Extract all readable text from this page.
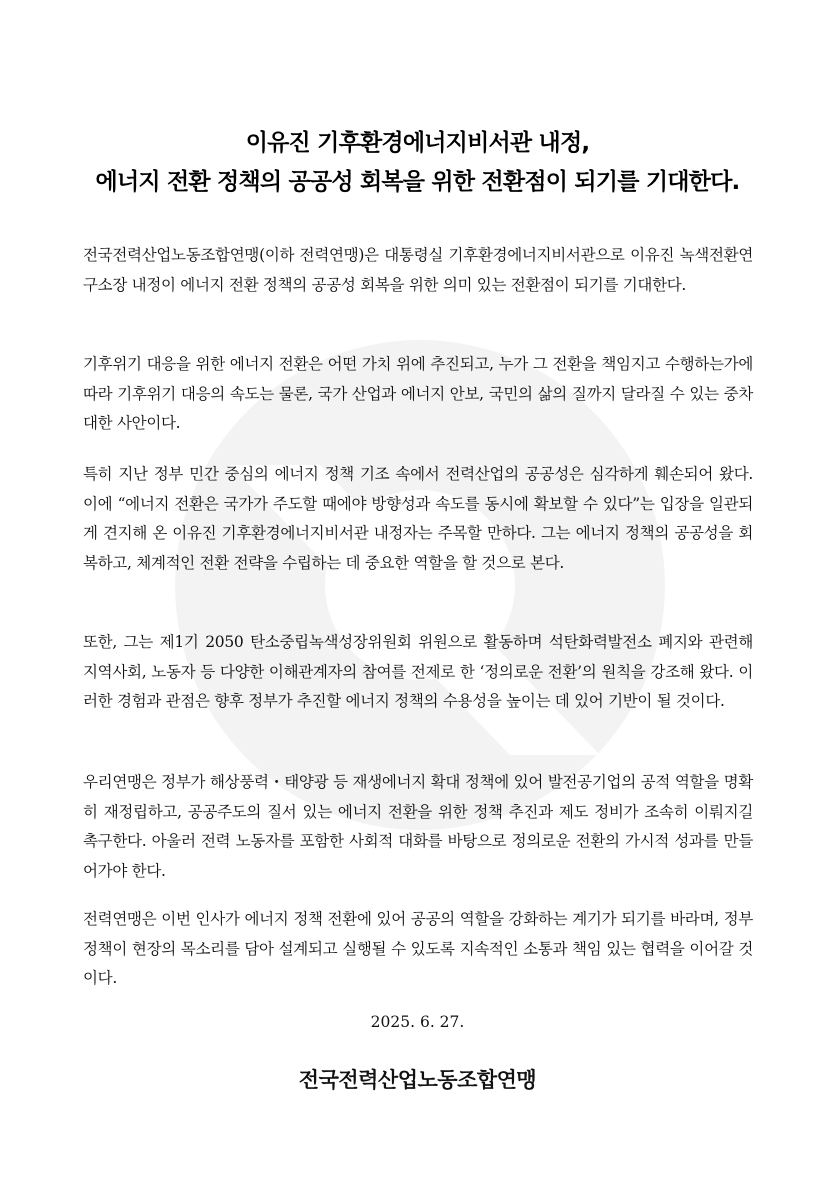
이유진 기후환경에너지비서관 내정,
에너지 전환 정책의 공공성 회복을 위한 전환점이 되기를 기대한다.

전국전력산업노동조합연맹(이하 전력연맹)은 대통령실 기후환경에너지비서관으로 이유진 녹색전환연구소장 내정이 에너지 전환 정책의 공공성 회복을 위한 의미 있는 전환점이 되기를 기대한다.

기후위기 대응을 위한 에너지 전환은 어떤 가치 위에 추진되고, 누가 그 전환을 책임지고 수행하는가에 따라 기후위기 대응의 속도는 물론, 국가 산업과 에너지 안보, 국민의 삶의 질까지 달라질 수 있는 중차대한 사안이다.

특히 지난 정부 민간 중심의 에너지 정책 기조 속에서 전력산업의 공공성은 심각하게 훼손되어 왔다. 이에 “에너지 전환은 국가가 주도할 때에야 방향성과 속도를 동시에 확보할 수 있다”는 입장을 일관되게 견지해 온 이유진 기후환경에너지비서관 내정자는 주목할 만하다. 그는 에너지 정책의 공공성을 회복하고, 체계적인 전환 전략을 수립하는 데 중요한 역할을 할 것으로 본다.

또한, 그는 제1기 2050 탄소중립녹색성장위원회 위원으로 활동하며 석탄화력발전소 폐지와 관련해 지역사회, 노동자 등 다양한 이해관계자의 참여를 전제로 한 ‘정의로운 전환’의 원칙을 강조해 왔다. 이러한 경험과 관점은 향후 정부가 추진할 에너지 정책의 수용성을 높이는 데 있어 기반이 될 것이다.

우리연맹은 정부가 해상풍력・태양광 등 재생에너지 확대 정책에 있어 발전공기업의 공적 역할을 명확히 재정립하고, 공공주도의 질서 있는 에너지 전환을 위한 정책 추진과 제도 정비가 조속히 이뤄지길 촉구한다. 아울러 전력 노동자를 포함한 사회적 대화를 바탕으로 정의로운 전환의 가시적 성과를 만들어가야 한다.

전력연맹은 이번 인사가 에너지 정책 전환에 있어 공공의 역할을 강화하는 계기가 되기를 바라며, 정부 정책이 현장의 목소리를 담아 설계되고 실행될 수 있도록 지속적인 소통과 책임 있는 협력을 이어갈 것이다.

2025. 6. 27.
전국전력산업노동조합연맹
